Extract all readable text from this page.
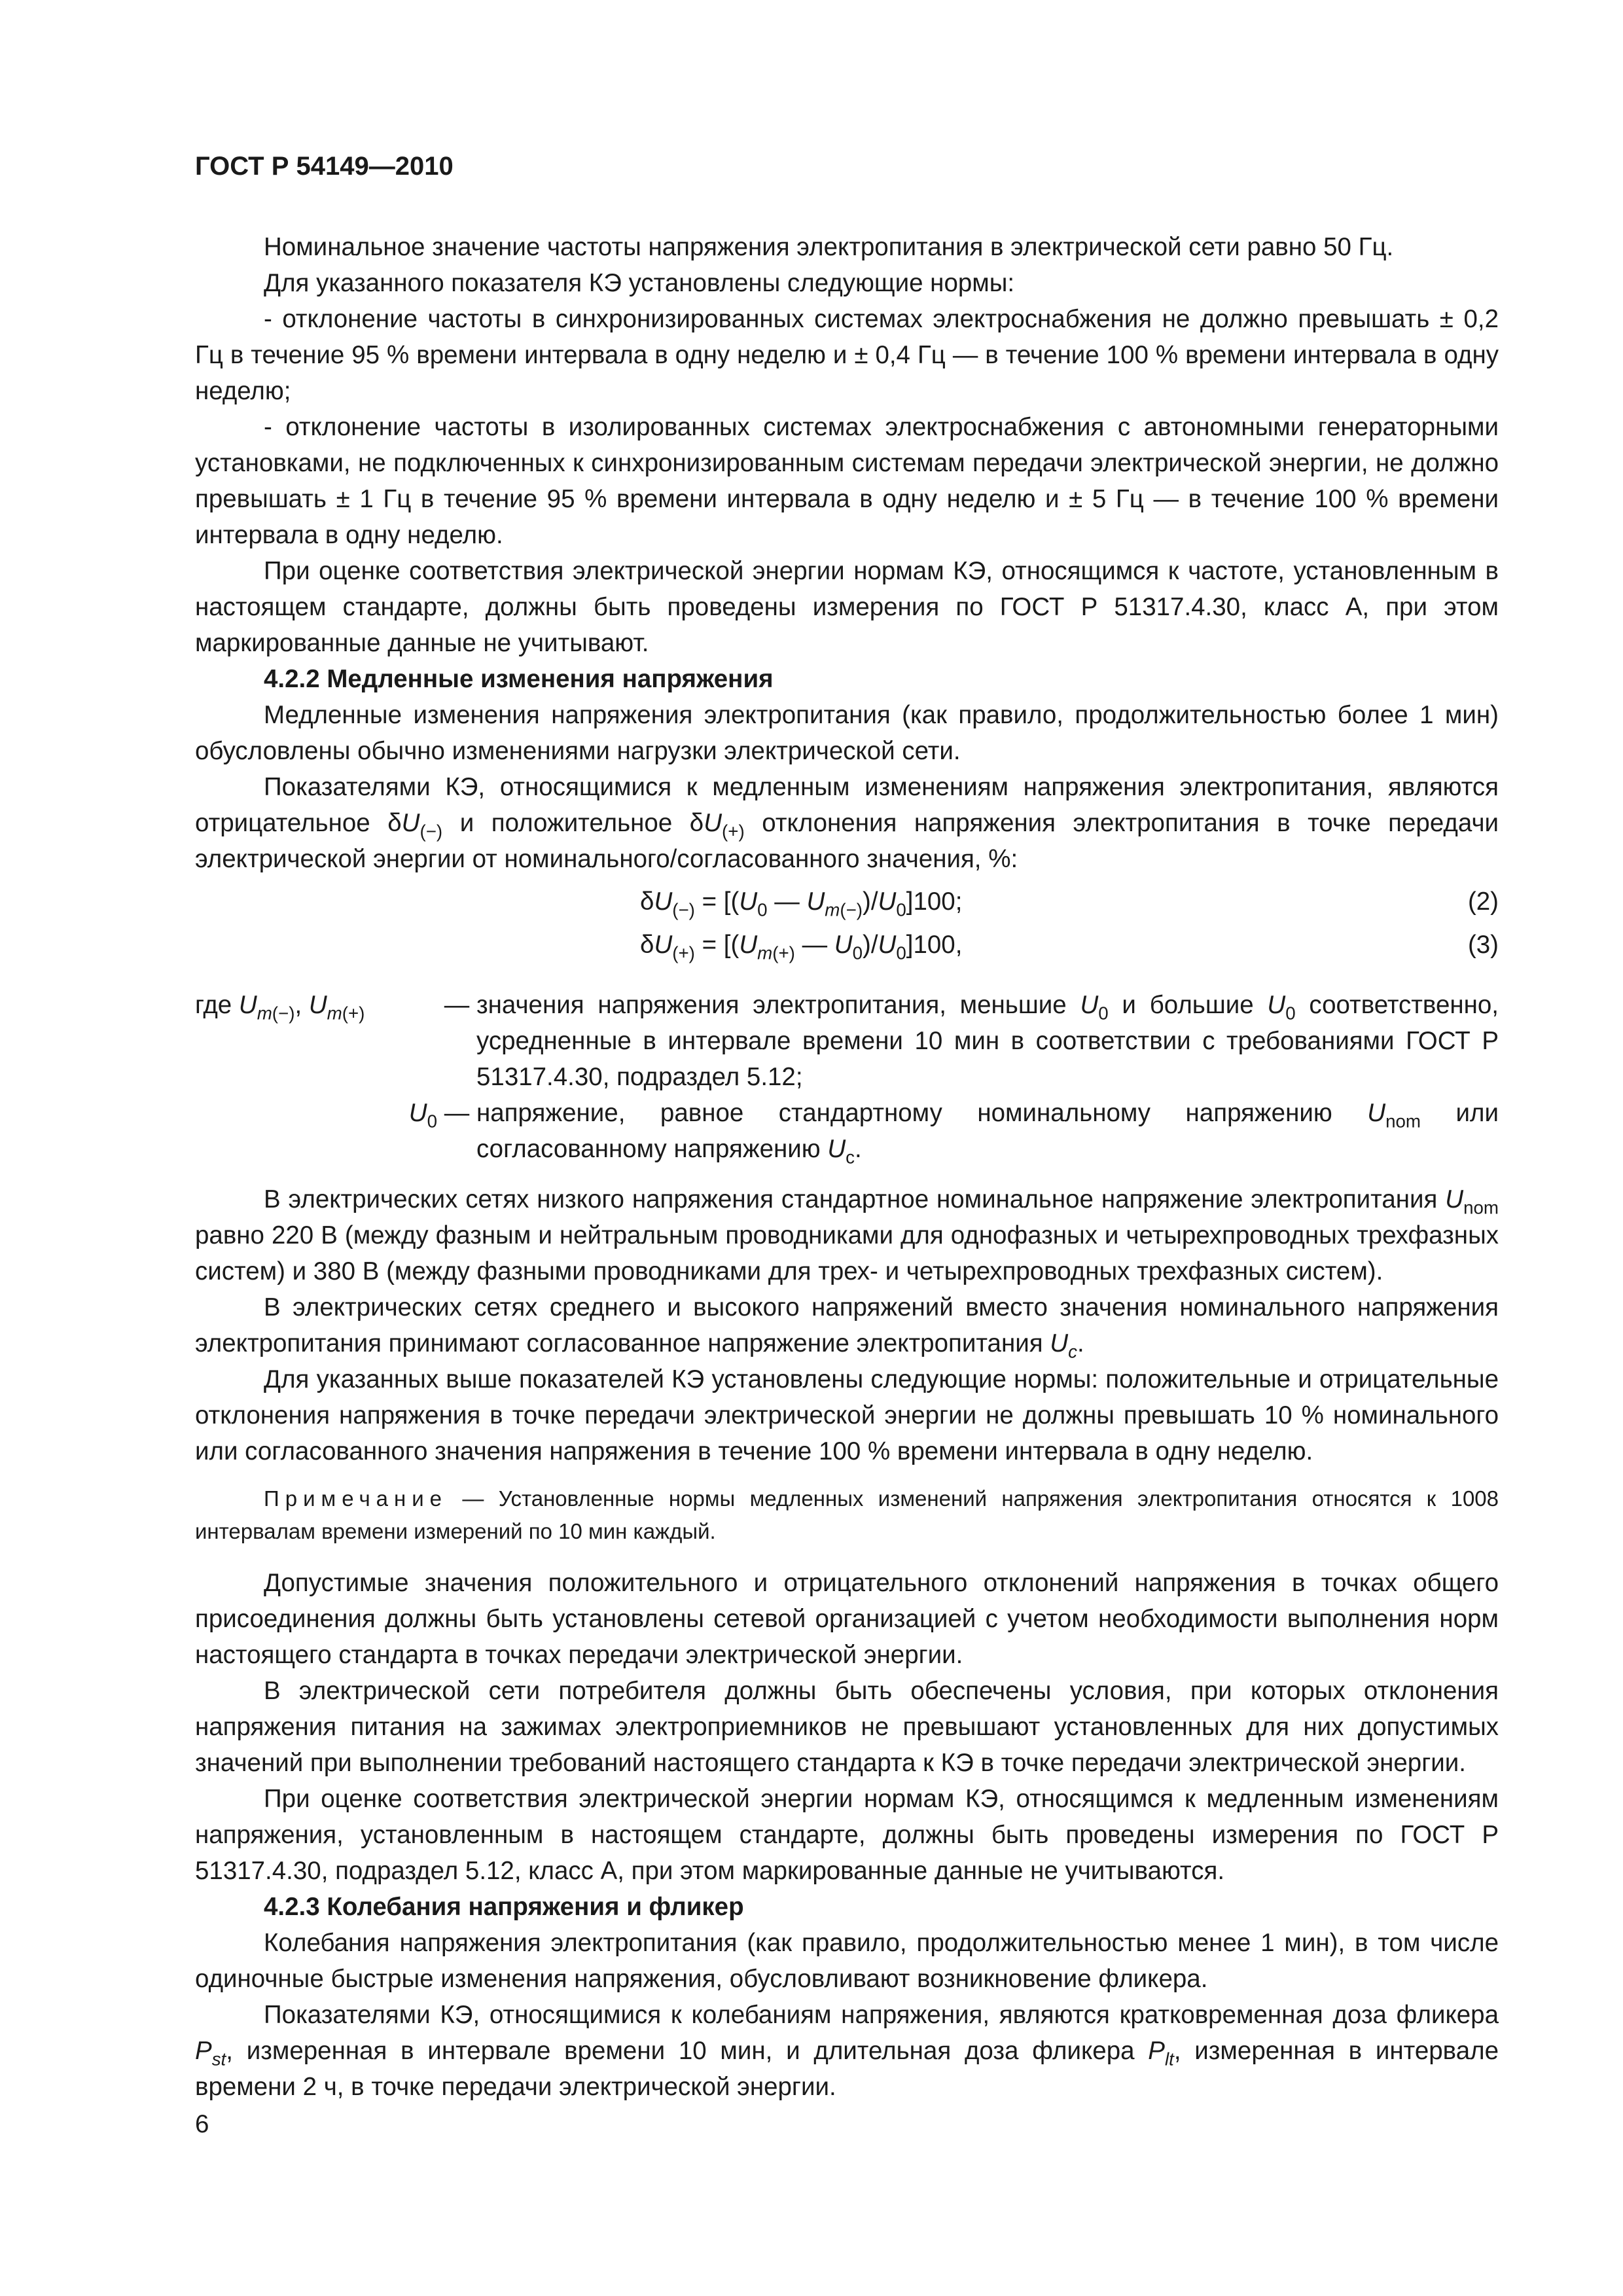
ГОСТ Р 54149—2010

Номинальное значение частоты напряжения электропитания в электрической сети равно 50 Гц.

Для указанного показателя КЭ установлены следующие нормы:

- отклонение частоты в синхронизированных системах электроснабжения не должно превышать ± 0,2 Гц в течение 95 % времени интервала в одну неделю и ± 0,4 Гц — в течение 100 % времени интервала в одну неделю;

- отклонение частоты в изолированных системах электроснабжения с автономными генераторными установками, не подключенных к синхронизированным системам передачи электрической энергии, не должно превышать ± 1 Гц в течение 95 % времени интервала в одну неделю и ± 5 Гц — в течение 100 % времени интервала в одну неделю.

При оценке соответствия электрической энергии нормам КЭ, относящимся к частоте, установленным в настоящем стандарте, должны быть проведены измерения по ГОСТ Р 51317.4.30, класс А, при этом маркированные данные не учитывают.

4.2.2 Медленные изменения напряжения

Медленные изменения напряжения электропитания (как правило, продолжительностью более 1 мин) обусловлены обычно изменениями нагрузки электрической сети.

Показателями КЭ, относящимися к медленным изменениям напряжения электропитания, являются отрицательное $\delta U_{(-)}$ и положительное $\delta U_{(+)}$ отклонения напряжения электропитания в точке передачи электрической энергии от номинального/согласованного значения, %:

$\delta U_{(-)} = [(U_0$ — $U_{m(-)})/U_0]100$;	(2)
$\delta U_{(+)} = [(U_{m(+)}$ — $U_0)/U_0]100$,	(3)
где $U_{m(-)}$, $U_{m(+)}$	—	значения напряжения электропитания, меньшие $U_0$ и большие $U_0$ соответственно, усредненные в интервале времени 10 мин в соответствии с требованиями ГОСТ Р 51317.4.30, подраздел 5.12;

$U_0$	—	напряжение, равное стандартному номинальному напряжению $U_{nom}$ или согласованному напряжению $U_c$.

В электрических сетях низкого напряжения стандартное номинальное напряжение электропитания $U_{nom}$ равно 220 В (между фазным и нейтральным проводниками для однофазных и четырехпроводных трехфазных систем) и 380 В (между фазными проводниками для трех- и четырехпроводных трехфазных систем).

В электрических сетях среднего и высокого напряжений вместо значения номинального напряжения электропитания принимают согласованное напряжение электропитания $U_c$.

Для указанных выше показателей КЭ установлены следующие нормы: положительные и отрицательные отклонения напряжения в точке передачи электрической энергии не должны превышать 10 % номинального или согласованного значения напряжения в течение 100 % времени интервала в одну неделю.

Примечание — Установленные нормы медленных изменений напряжения электропитания относятся к 1008 интервалам времени измерений по 10 мин каждый.

Допустимые значения положительного и отрицательного отклонений напряжения в точках общего присоединения должны быть установлены сетевой организацией с учетом необходимости выполнения норм настоящего стандарта в точках передачи электрической энергии.

В электрической сети потребителя должны быть обеспечены условия, при которых отклонения напряжения питания на зажимах электроприемников не превышают установленных для них допустимых значений при выполнении требований настоящего стандарта к КЭ в точке передачи электрической энергии.

При оценке соответствия электрической энергии нормам КЭ, относящимся к медленным изменениям напряжения, установленным в настоящем стандарте, должны быть проведены измерения по ГОСТ Р 51317.4.30, подраздел 5.12, класс А, при этом маркированные данные не учитываются.

4.2.3 Колебания напряжения и фликер

Колебания напряжения электропитания (как правило, продолжительностью менее 1 мин), в том числе одиночные быстрые изменения напряжения, обусловливают возникновение фликера.

Показателями КЭ, относящимися к колебаниям напряжения, являются кратковременная доза фликера $P_{st}$, измеренная в интервале времени 10 мин, и длительная доза фликера $P_{lt}$, измеренная в интервале времени 2 ч, в точке передачи электрической энергии.

6
